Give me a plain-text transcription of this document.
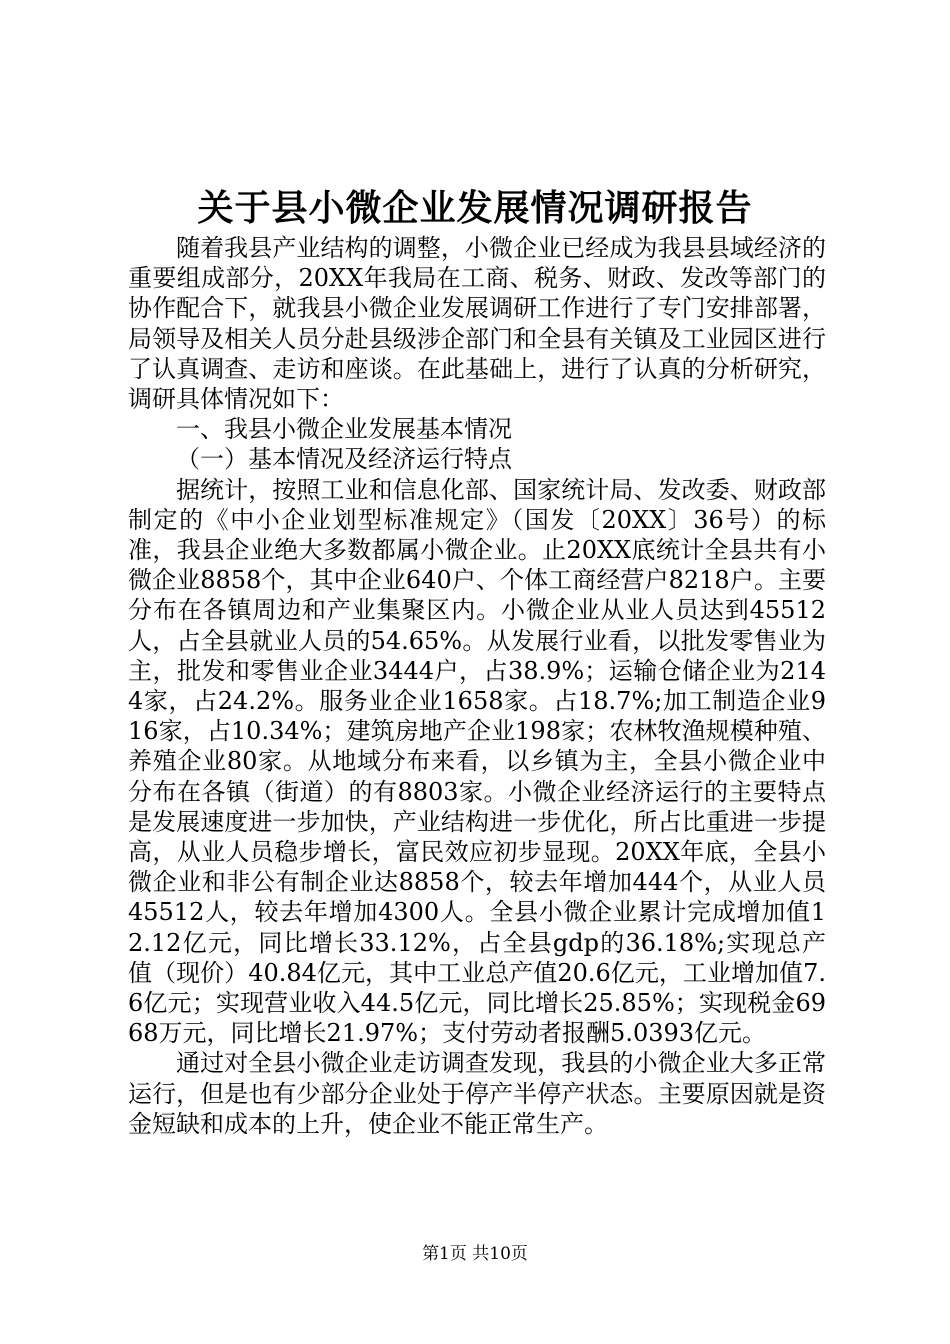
关于县小微企业发展情况调研报告

随着我县产业结构的调整，小微企业已经成为我县县域经济的重要组成部分，20XX年我局在工商、税务、财政、发改等部门的协作配合下，就我县小微企业发展调研工作进行了专门安排部署，局领导及相关人员分赴县级涉企部门和全县有关镇及工业园区进行了认真调查、走访和座谈。在此基础上，进行了认真的分析研究，调研具体情况如下：

一、我县小微企业发展基本情况

（一）基本情况及经济运行特点

据统计，按照工业和信息化部、国家统计局、发改委、财政部制定的《中小企业划型标准规定》（国发〔20XX〕36号）的标准，我县企业绝大多数都属小微企业。止20XX底统计全县共有小微企业8858个，其中企业640户、个体工商经营户8218户。主要分布在各镇周边和产业集聚区内。小微企业从业人员达到45512人，占全县就业人员的54.65%。从发展行业看，以批发零售业为主，批发和零售业企业3444户，占38.9%；运输仓储企业为2144家，占24.2%。服务业企业1658家。占18.7%;加工制造企业916家，占10.34%；建筑房地产企业198家；农林牧渔规模种殖、养殖企业80家。从地域分布来看，以乡镇为主，全县小微企业中分布在各镇（街道）的有8803家。小微企业经济运行的主要特点是发展速度进一步加快，产业结构进一步优化，所占比重进一步提高，从业人员稳步增长，富民效应初步显现。20XX年底，全县小微企业和非公有制企业达8858个，较去年增加444个，从业人员45512人，较去年增加4300人。全县小微企业累计完成增加值12.12亿元，同比增长33.12%，占全县gdp的36.18%;实现总产值（现价）40.84亿元，其中工业总产值20.6亿元，工业增加值7.6亿元；实现营业收入44.5亿元，同比增长25.85%；实现税金6968万元，同比增长21.97%；支付劳动者报酬5.0393亿元。

通过对全县小微企业走访调查发现，我县的小微企业大多正常运行，但是也有少部分企业处于停产半停产状态。主要原因就是资金短缺和成本的上升，使企业不能正常生产。

第1页 共10页
